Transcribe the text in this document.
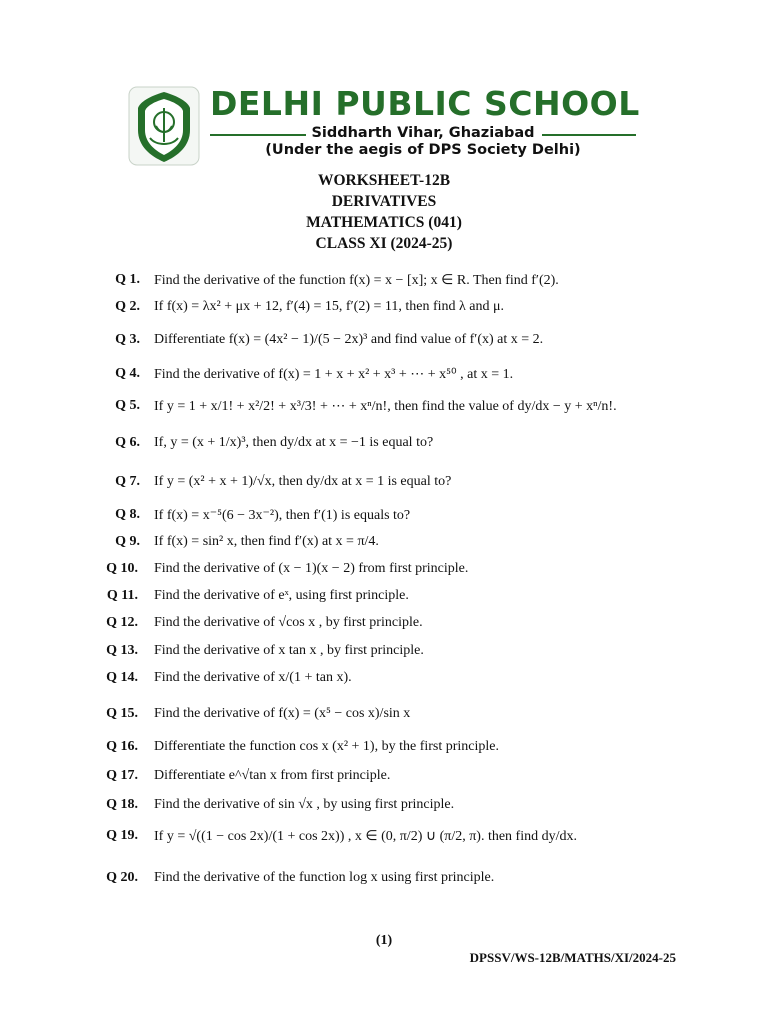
DELHI PUBLIC SCHOOL
Siddharth Vihar, Ghaziabad
(Under the aegis of DPS Society Delhi)
WORKSHEET-12B
DERIVATIVES
MATHEMATICS (041)
CLASS XI (2024-25)
Q 1. Find the derivative of the function f(x) = x − [x]; x ∈ R. Then find f′(2).
Q 2. If f(x) = λx² + μx + 12, f′(4) = 15, f′(2) = 11, then find λ and μ.
Q 3. Differentiate f(x) = (4x² − 1)/(5 − 2x)³ and find value of f′(x) at x = 2.
Q 4. Find the derivative of f(x) = 1 + x + x² + x³ + ⋯ + x⁵⁰ , at x = 1.
Q 5. If y = 1 + x/1! + x²/2! + x³/3! + ⋯ + xⁿ/n!, then find the value of dy/dx − y + xⁿ/n!.
Q 6. If, y = (x + 1/x)³, then dy/dx at x = −1 is equal to?
Q 7. If y = (x² + x + 1)/√x, then dy/dx at x = 1 is equal to?
Q 8. If f(x) = x⁻⁵(6 − 3x⁻²), then f′(1) is equals to?
Q 9. If f(x) = sin² x, then find f′(x) at x = π/4.
Q 10. Find the derivative of (x − 1)(x − 2) from first principle.
Q 11. Find the derivative of eˣ, using first principle.
Q 12. Find the derivative of √cos x , by first principle.
Q 13. Find the derivative of x tan x , by first principle.
Q 14. Find the derivative of x/(1 + tan x).
Q 15. Find the derivative of f(x) = (x⁵ − cos x)/sin x
Q 16. Differentiate the function cos x (x² + 1), by the first principle.
Q 17. Differentiate e^√tan x from first principle.
Q 18. Find the derivative of sin √x , by using first principle.
Q 19. If y = √((1 − cos 2x)/(1 + cos 2x)) , x ∈ (0, π/2) ∪ (π/2, π). then find dy/dx.
Q 20. Find the derivative of the function log x using first principle.
(1)
DPSSV/WS-12B/MATHS/XI/2024-25
